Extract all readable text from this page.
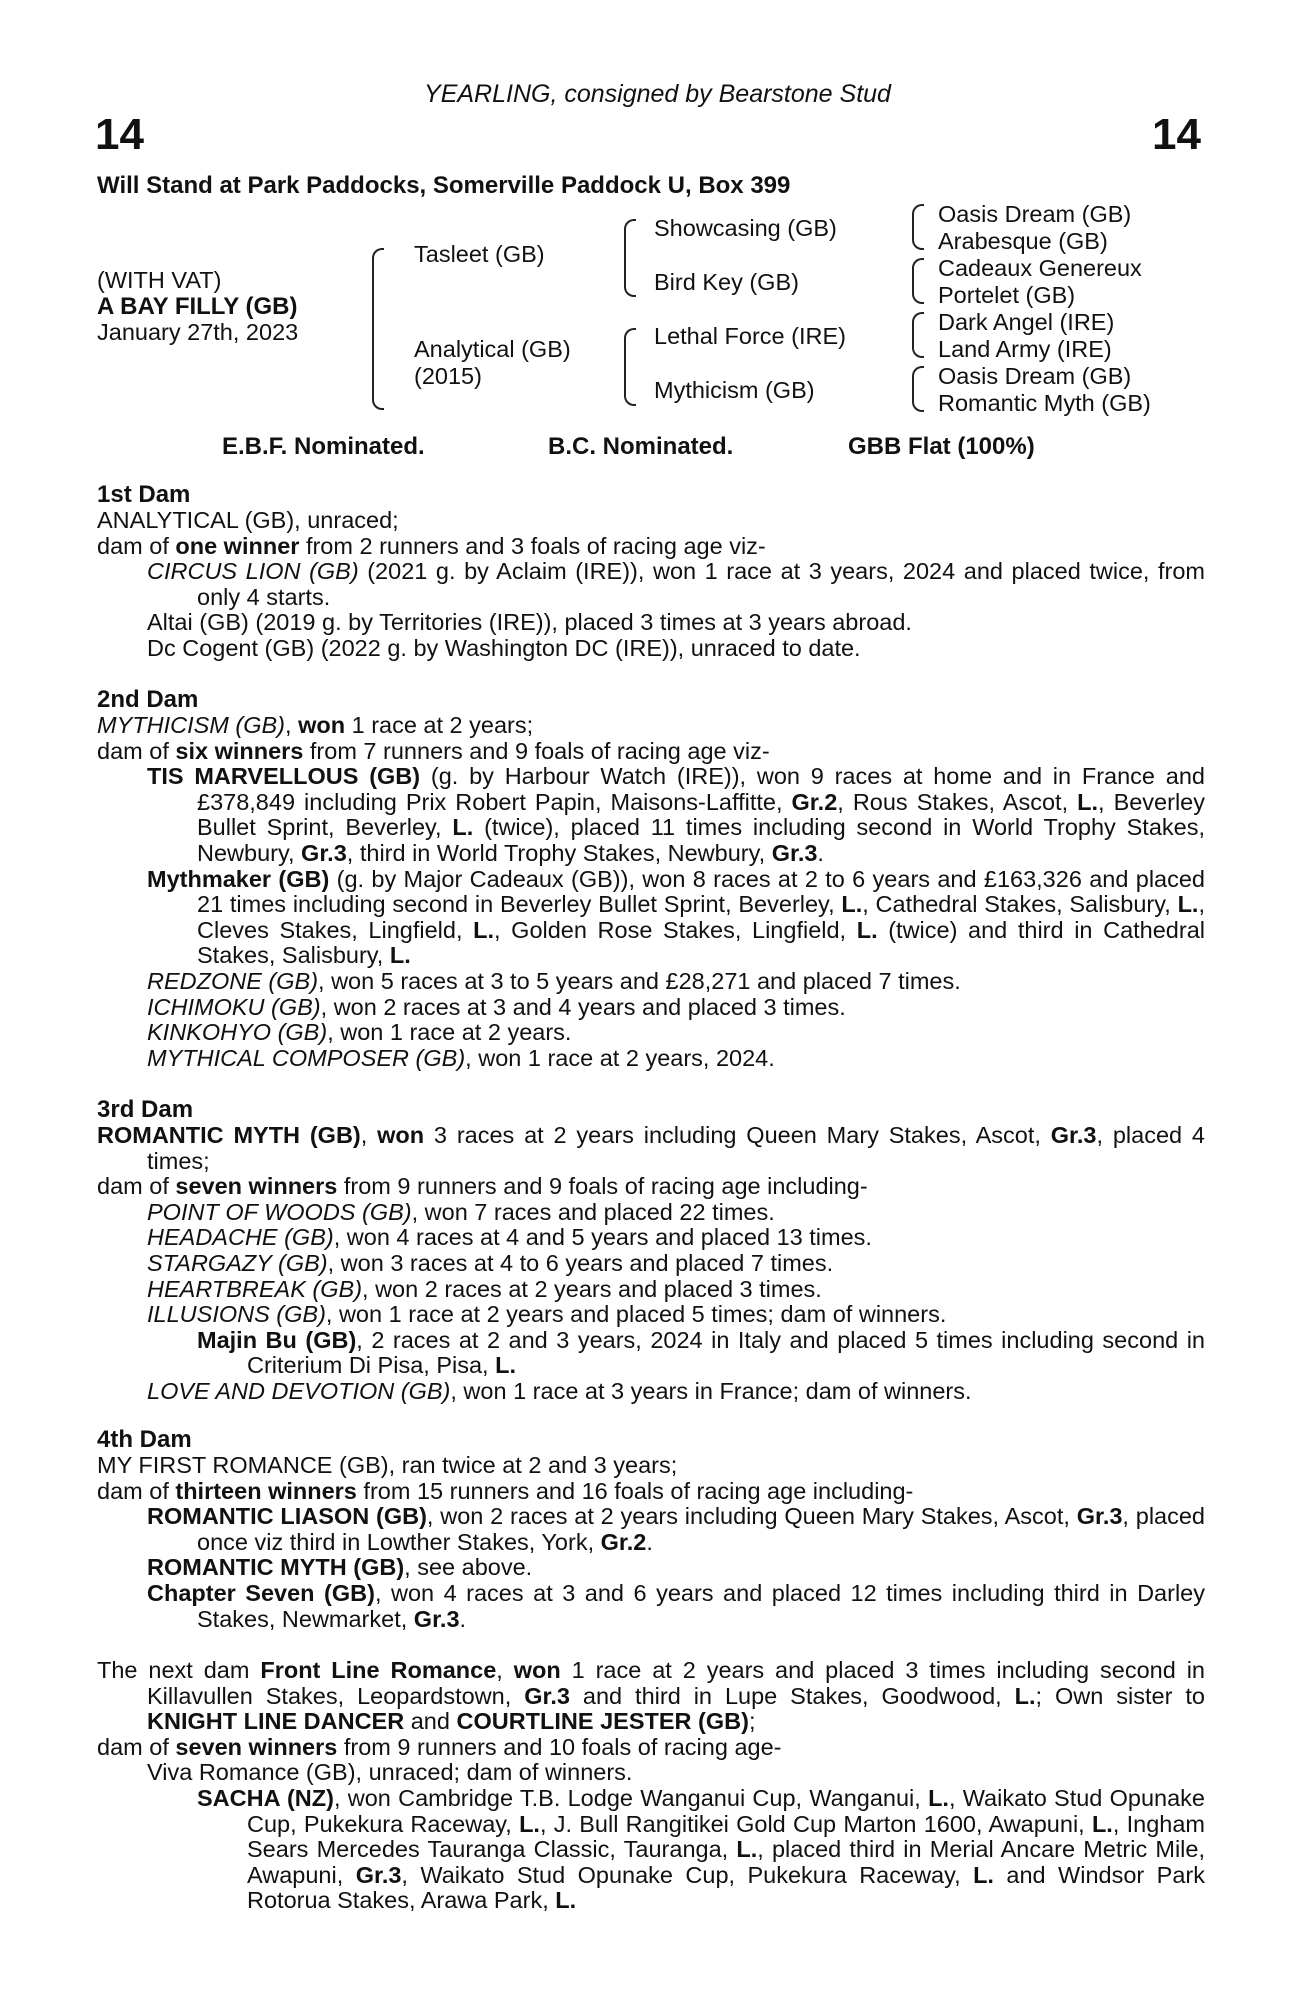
YEARLING, consigned by Bearstone Stud
14	14
Will Stand at Park Paddocks, Somerville Paddock U, Box 399
(WITH VAT)
A BAY FILLY (GB)
January 27th, 2023
Tasleet (GB)
Analytical (GB)
(2015)
Showcasing (GB)
Bird Key (GB)
Lethal Force (IRE)
Mythicism (GB)
Oasis Dream (GB)
Arabesque (GB)
Cadeaux Genereux
Portelet (GB)
Dark Angel (IRE)
Land Army (IRE)
Oasis Dream (GB)
Romantic Myth (GB)
E.B.F. Nominated.	B.C. Nominated.	GBB Flat (100%)
1st Dam
ANALYTICAL (GB), unraced;
dam of one winner from 2 runners and 3 foals of racing age viz-
CIRCUS LION (GB) (2021 g. by Aclaim (IRE)), won 1 race at 3 years, 2024 and placed twice, from only 4 starts.
Altai (GB) (2019 g. by Territories (IRE)), placed 3 times at 3 years abroad.
Dc Cogent (GB) (2022 g. by Washington DC (IRE)), unraced to date.
2nd Dam
MYTHICISM (GB), won 1 race at 2 years;
dam of six winners from 7 runners and 9 foals of racing age viz-
TIS MARVELLOUS (GB) (g. by Harbour Watch (IRE)), won 9 races at home and in France and £378,849 including Prix Robert Papin, Maisons-Laffitte, Gr.2, Rous Stakes, Ascot, L., Beverley Bullet Sprint, Beverley, L. (twice), placed 11 times including second in World Trophy Stakes, Newbury, Gr.3, third in World Trophy Stakes, Newbury, Gr.3.
Mythmaker (GB) (g. by Major Cadeaux (GB)), won 8 races at 2 to 6 years and £163,326 and placed 21 times including second in Beverley Bullet Sprint, Beverley, L., Cathedral Stakes, Salisbury, L., Cleves Stakes, Lingfield, L., Golden Rose Stakes, Lingfield, L. (twice) and third in Cathedral Stakes, Salisbury, L.
REDZONE (GB), won 5 races at 3 to 5 years and £28,271 and placed 7 times.
ICHIMOKU (GB), won 2 races at 3 and 4 years and placed 3 times.
KINKOHYO (GB), won 1 race at 2 years.
MYTHICAL COMPOSER (GB), won 1 race at 2 years, 2024.
3rd Dam
ROMANTIC MYTH (GB), won 3 races at 2 years including Queen Mary Stakes, Ascot, Gr.3, placed 4 times;
dam of seven winners from 9 runners and 9 foals of racing age including-
POINT OF WOODS (GB), won 7 races and placed 22 times.
HEADACHE (GB), won 4 races at 4 and 5 years and placed 13 times.
STARGAZY (GB), won 3 races at 4 to 6 years and placed 7 times.
HEARTBREAK (GB), won 2 races at 2 years and placed 3 times.
ILLUSIONS (GB), won 1 race at 2 years and placed 5 times; dam of winners.
Majin Bu (GB), 2 races at 2 and 3 years, 2024 in Italy and placed 5 times including second in Criterium Di Pisa, Pisa, L.
LOVE AND DEVOTION (GB), won 1 race at 3 years in France; dam of winners.
4th Dam
MY FIRST ROMANCE (GB), ran twice at 2 and 3 years;
dam of thirteen winners from 15 runners and 16 foals of racing age including-
ROMANTIC LIASON (GB), won 2 races at 2 years including Queen Mary Stakes, Ascot, Gr.3, placed once viz third in Lowther Stakes, York, Gr.2.
ROMANTIC MYTH (GB), see above.
Chapter Seven (GB), won 4 races at 3 and 6 years and placed 12 times including third in Darley Stakes, Newmarket, Gr.3.
The next dam Front Line Romance, won 1 race at 2 years and placed 3 times including second in Killavullen Stakes, Leopardstown, Gr.3 and third in Lupe Stakes, Goodwood, L.; Own sister to KNIGHT LINE DANCER and COURTLINE JESTER (GB);
dam of seven winners from 9 runners and 10 foals of racing age-
Viva Romance (GB), unraced; dam of winners.
SACHA (NZ), won Cambridge T.B. Lodge Wanganui Cup, Wanganui, L., Waikato Stud Opunake Cup, Pukekura Raceway, L., J. Bull Rangitikei Gold Cup Marton 1600, Awapuni, L., Ingham Sears Mercedes Tauranga Classic, Tauranga, L., placed third in Merial Ancare Metric Mile, Awapuni, Gr.3, Waikato Stud Opunake Cup, Pukekura Raceway, L. and Windsor Park Rotorua Stakes, Arawa Park, L.
